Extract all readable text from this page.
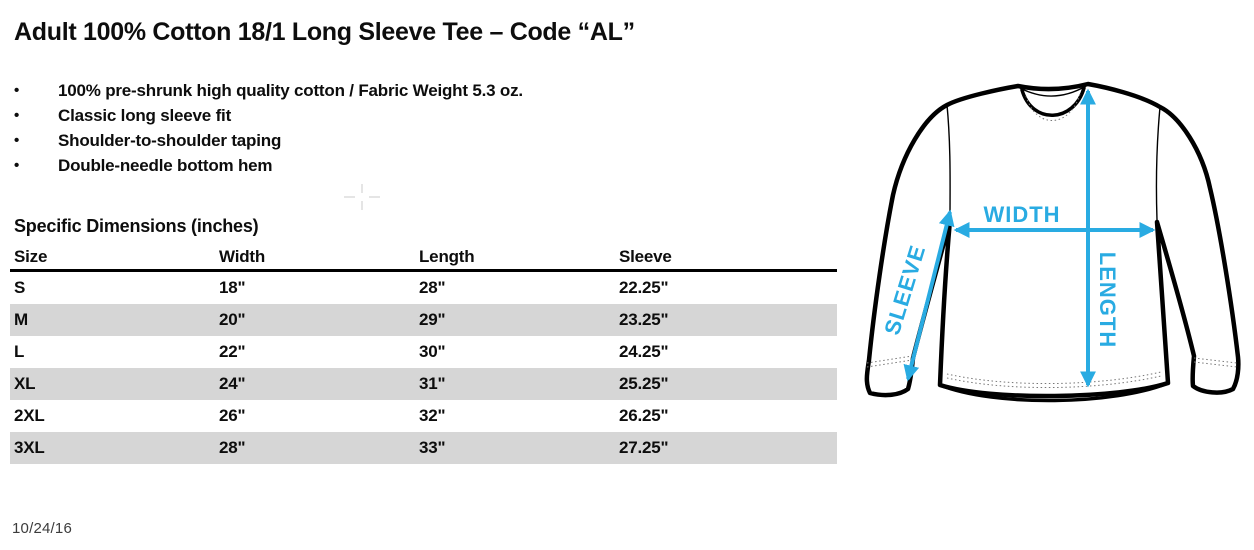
Adult 100% Cotton 18/1 Long Sleeve Tee – Code “AL”
•	100% pre-shrunk high quality cotton / Fabric Weight 5.3 oz.
•	Classic long sleeve fit
•	Shoulder-to-shoulder taping
•	Double-needle bottom hem
Specific Dimensions (inches)
Size	Width	Length	Sleeve
S	18"	28"	22.25"
M	20"	29"	23.25"
L	22"	30"	24.25"
XL	24"	31"	25.25"
2XL	26"	32"	26.25"
3XL	28"	33"	27.25"
WIDTH
LENGTH
SLEEVE
10/24/16
